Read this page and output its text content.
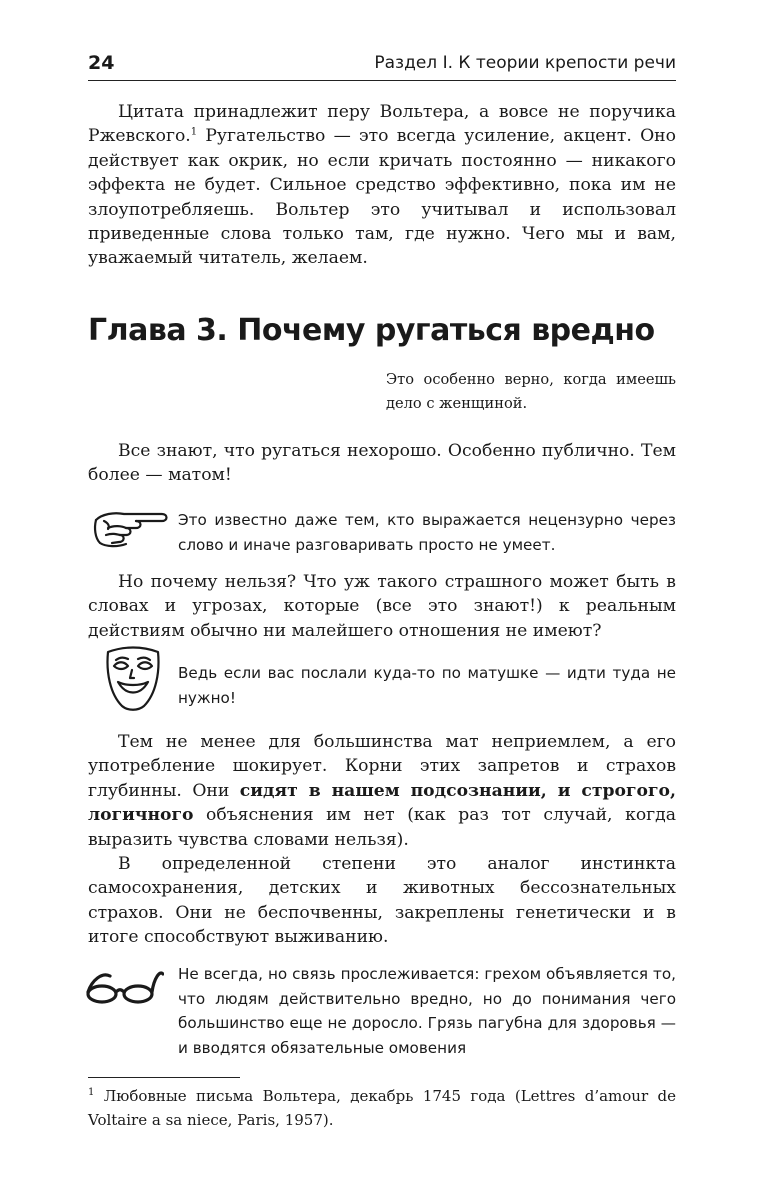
24	Раздел I. К теории крепости речи

Цитата принадлежит перу Вольтера, а вовсе не поручика Ржевского.$^1$ Ругательство — это всегда усиление, акцент. Оно действует как окрик, но если кричать постоянно — никакого эффекта не будет. Сильное средство эффективно, пока им не злоупотребляешь. Вольтер это учитывал и использовал приведенные слова только там, где нужно. Чего мы и вам, уважаемый читатель, желаем.

Глава 3. Почему ругаться вредно

Это особенно верно, когда имеешь дело с женщиной.

Все знают, что ругаться нехорошо. Особенно публично. Тем более — матом!

Это известно даже тем, кто выражается нецензурно через слово и иначе разговаривать просто не умеет.

Но почему нельзя? Что уж такого страшного может быть в словах и угрозах, которые (все это знают!) к реальным действиям обычно ни малейшего отношения не имеют?

Ведь если вас послали куда-то по матушке — идти туда не нужно!

Тем не менее для большинства мат неприемлем, а его употребление шокирует. Корни этих запретов и страхов глубинны. Они сидят в нашем подсознании, и строгого, логичного объяснения им нет (как раз тот случай, когда выразить чувства словами нельзя).

В определенной степени это аналог инстинкта самосохранения, детских и животных бессознательных страхов. Они не беспочвенны, закреплены генетически и в итоге способствуют выживанию.

Не всегда, но связь прослеживается: грехом объявляется то, что людям действительно вредно, но до понимания чего большинство еще не доросло. Грязь пагубна для здоровья — и вводятся обязательные омовения

$^1$ Любовные письма Вольтера, декабрь 1745 года (Lettres d’amour de Voltaire a sa niece, Paris, 1957).
